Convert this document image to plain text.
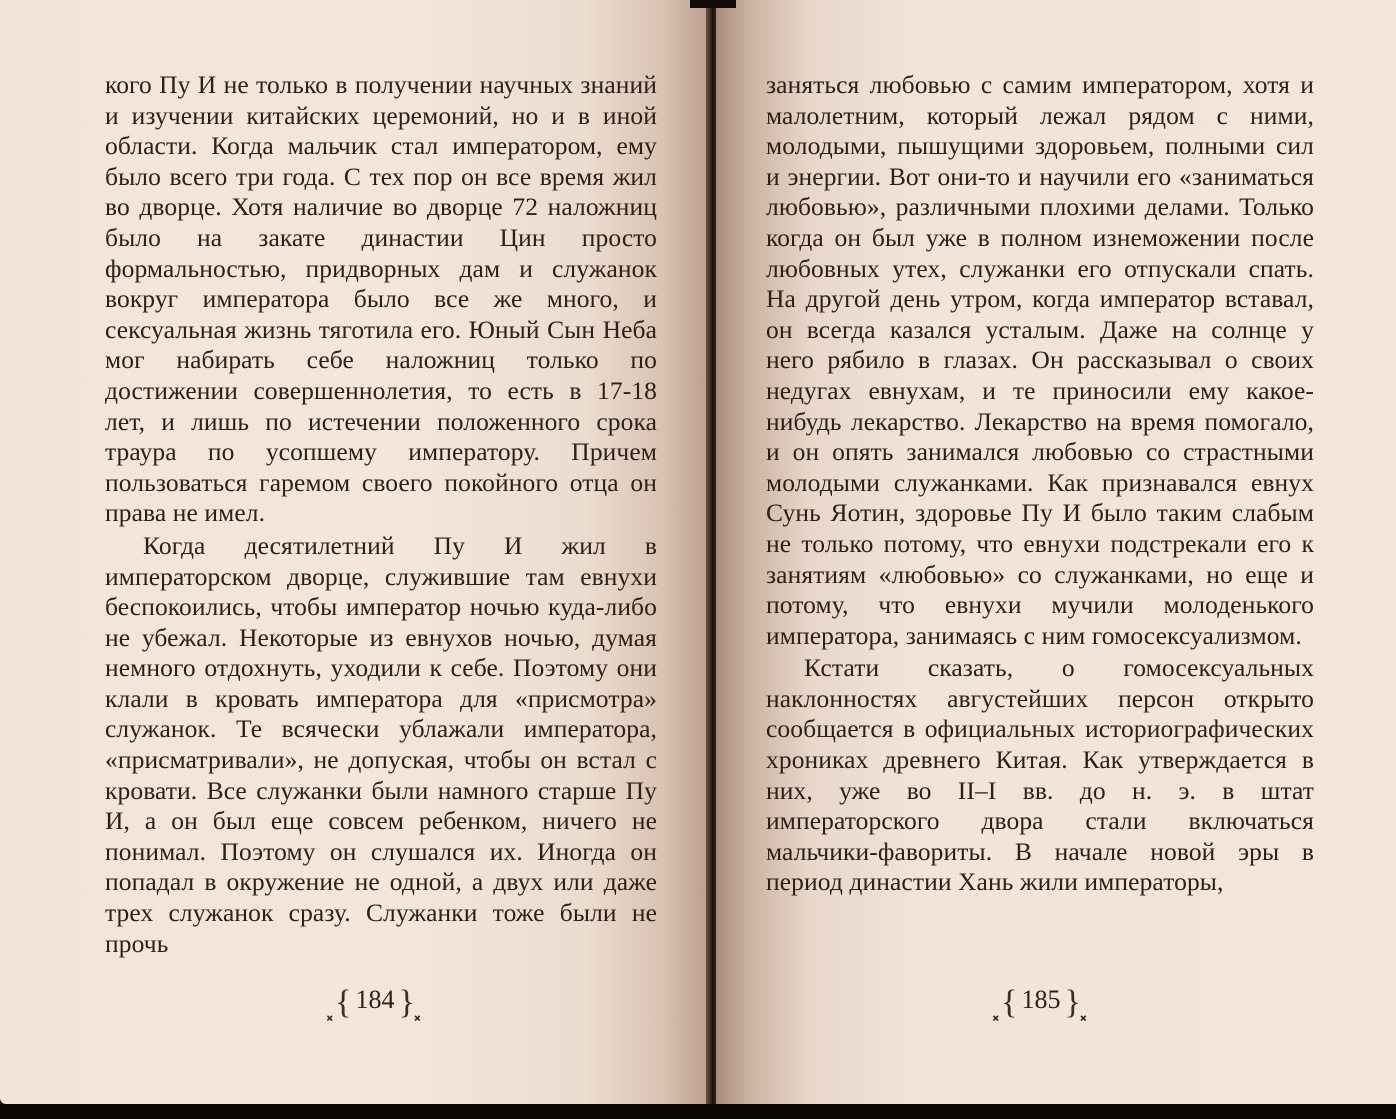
кого Пу И не только в получении научных знаний и изучении китайских церемоний, но и в иной области. Когда мальчик стал императором, ему было всего три года. С тех пор он все время жил во дворце. Хотя наличие во дворце 72 наложниц было на закате династии Цин просто формальностью, придворных дам и служанок вокруг императора было все же много, и сексуальная жизнь тяготила его. Юный Сын Неба мог набирать себе наложниц только по достижении совершеннолетия, то есть в 17-18 лет, и лишь по истечении положенного срока траура по усопшему императору. Причем пользоваться гаремом своего покойного отца он права не имел.

Когда десятилетний Пу И жил в императорском дворце, служившие там евнухи беспокоились, чтобы император ночью куда-либо не убежал. Некоторые из евнухов ночью, думая немного отдохнуть, уходили к себе. Поэтому они клали в кровать императора для «присмотра» служанок. Те всячески ублажали императора, «присматривали», не допуская, чтобы он встал с кровати. Все служанки были намного старше Пу И, а он был еще совсем ребенком, ничего не понимал. Поэтому он слушался их. Иногда он попадал в окружение не одной, а двух или даже трех служанок сразу. Служанки тоже были не прочь

⸼{ 184 }⸼

заняться любовью с самим императором, хотя и малолетним, который лежал рядом с ними, молодыми, пышущими здоровьем, полными сил и энергии. Вот они-то и научили его «заниматься любовью», различными плохими делами. Только когда он был уже в полном изнеможении после любовных утех, служанки его отпускали спать. На другой день утром, когда император вставал, он всегда казался усталым. Даже на солнце у него рябило в глазах. Он рассказывал о своих недугах евнухам, и те приносили ему какое-нибудь лекарство. Лекарство на время помогало, и он опять занимался любовью со страстными молодыми служанками. Как признавался евнух Сунь Яотин, здоровье Пу И было таким слабым не только потому, что евнухи подстрекали его к занятиям «любовью» со служанками, но еще и потому, что евнухи мучили молоденького императора, занимаясь с ним гомосексуализмом.

Кстати сказать, о гомосексуальных наклонностях августейших персон открыто сообщается в официальных историографических хрониках древнего Китая. Как утверждается в них, уже во II–I вв. до н. э. в штат императорского двора стали включаться мальчики-фавориты. В начале новой эры в период династии Хань жили императоры,

⸼{ 185 }⸼
